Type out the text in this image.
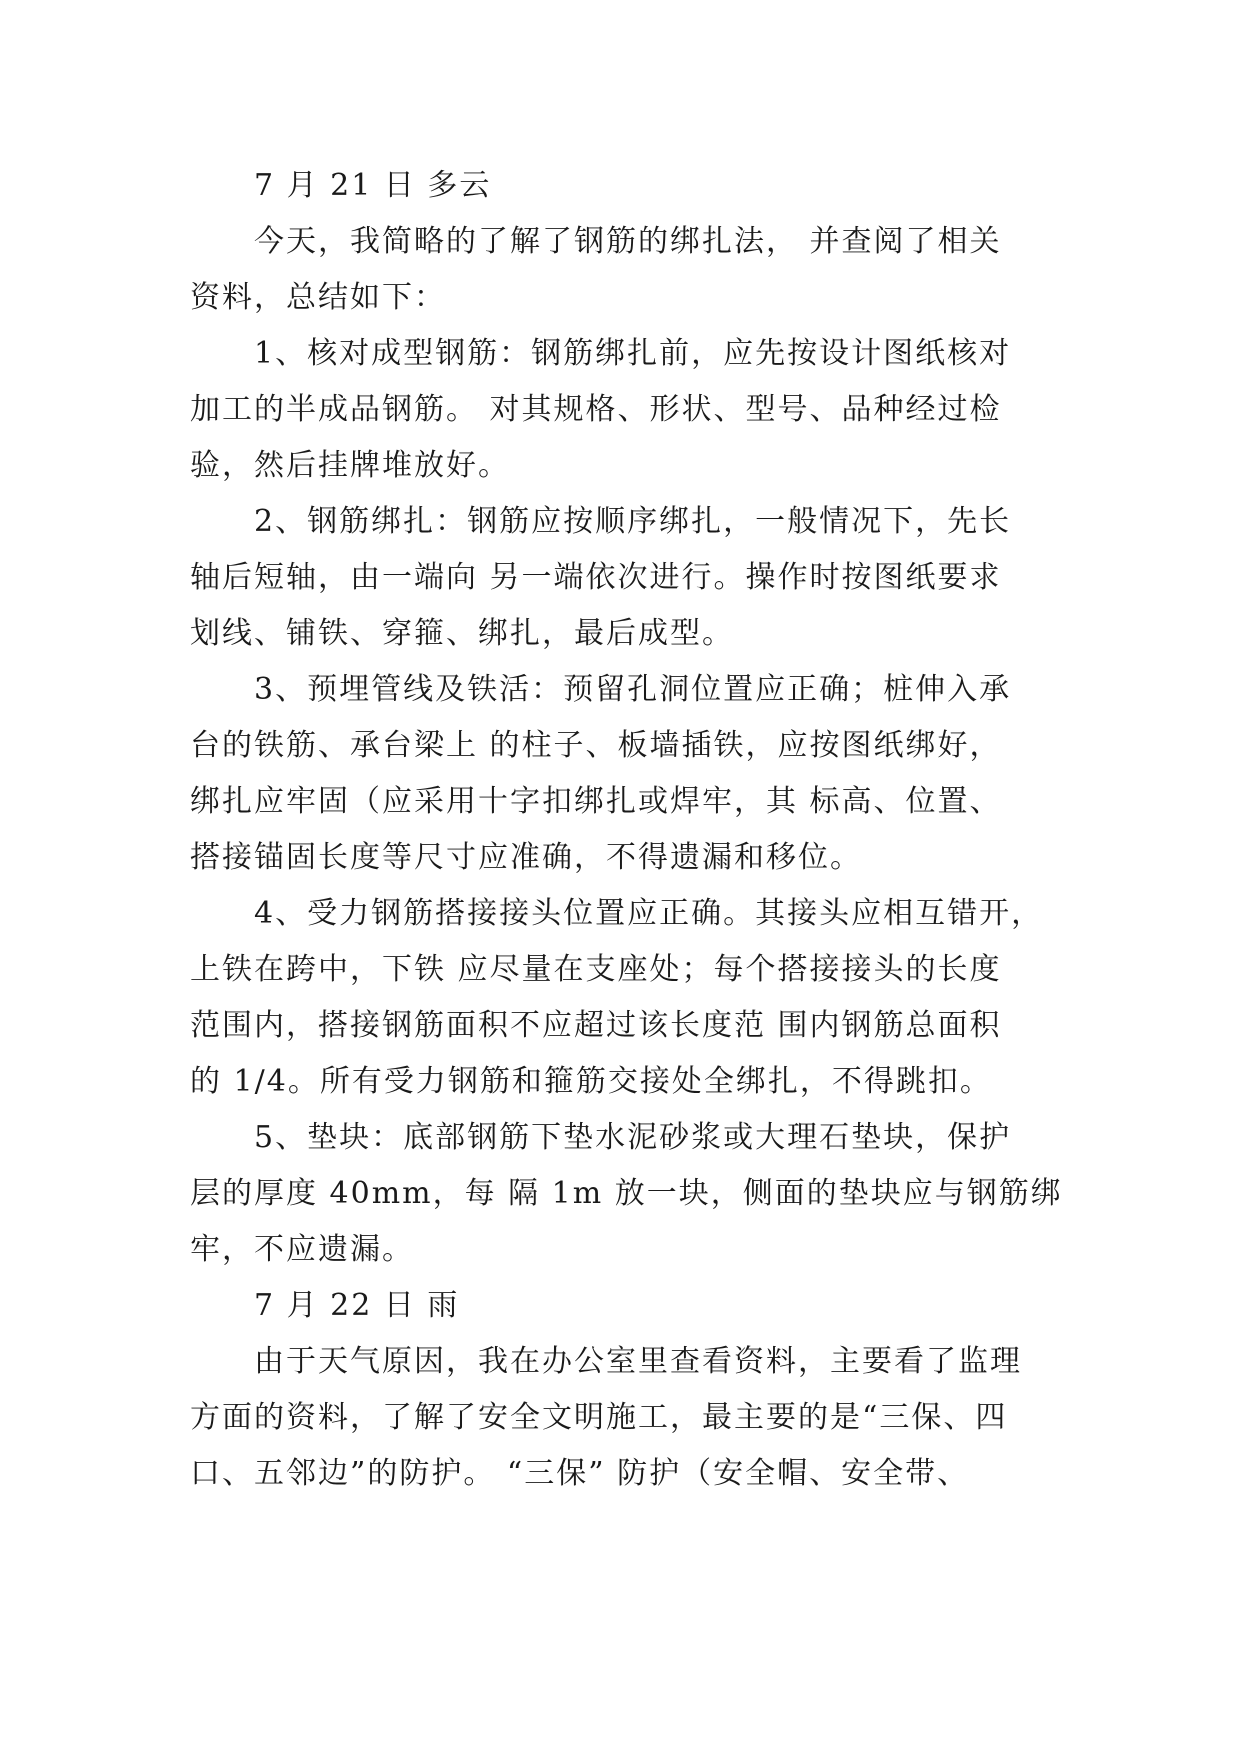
7 月 21 日 多云
今天，我简略的了解了钢筋的绑扎法， 并查阅了相关
资料，总结如下：
1、核对成型钢筋：钢筋绑扎前，应先按设计图纸核对
加工的半成品钢筋。 对其规格、形状、型号、品种经过检
验，然后挂牌堆放好。
2、钢筋绑扎：钢筋应按顺序绑扎，一般情况下，先长
轴后短轴，由一端向 另一端依次进行。操作时按图纸要求
划线、铺铁、穿箍、绑扎，最后成型。
3、预埋管线及铁活：预留孔洞位置应正确；桩伸入承
台的铁筋、承台梁上 的柱子、板墙插铁，应按图纸绑好，
绑扎应牢固（应采用十字扣绑扎或焊牢，其 标高、位置、
搭接锚固长度等尺寸应准确，不得遗漏和移位。
4、受力钢筋搭接接头位置应正确。其接头应相互错开，
上铁在跨中，下铁 应尽量在支座处；每个搭接接头的长度
范围内，搭接钢筋面积不应超过该长度范 围内钢筋总面积
的 1/4。所有受力钢筋和箍筋交接处全绑扎，不得跳扣。
5、垫块：底部钢筋下垫水泥砂浆或大理石垫块，保护
层的厚度 40mm，每 隔 1m 放一块，侧面的垫块应与钢筋绑
牢，不应遗漏。
7 月 22 日 雨
由于天气原因，我在办公室里查看资料，主要看了监理
方面的资料，了解了安全文明施工，最主要的是“三保、四
口、五邻边”的防护。 “三保” 防护（安全帽、安全带、
